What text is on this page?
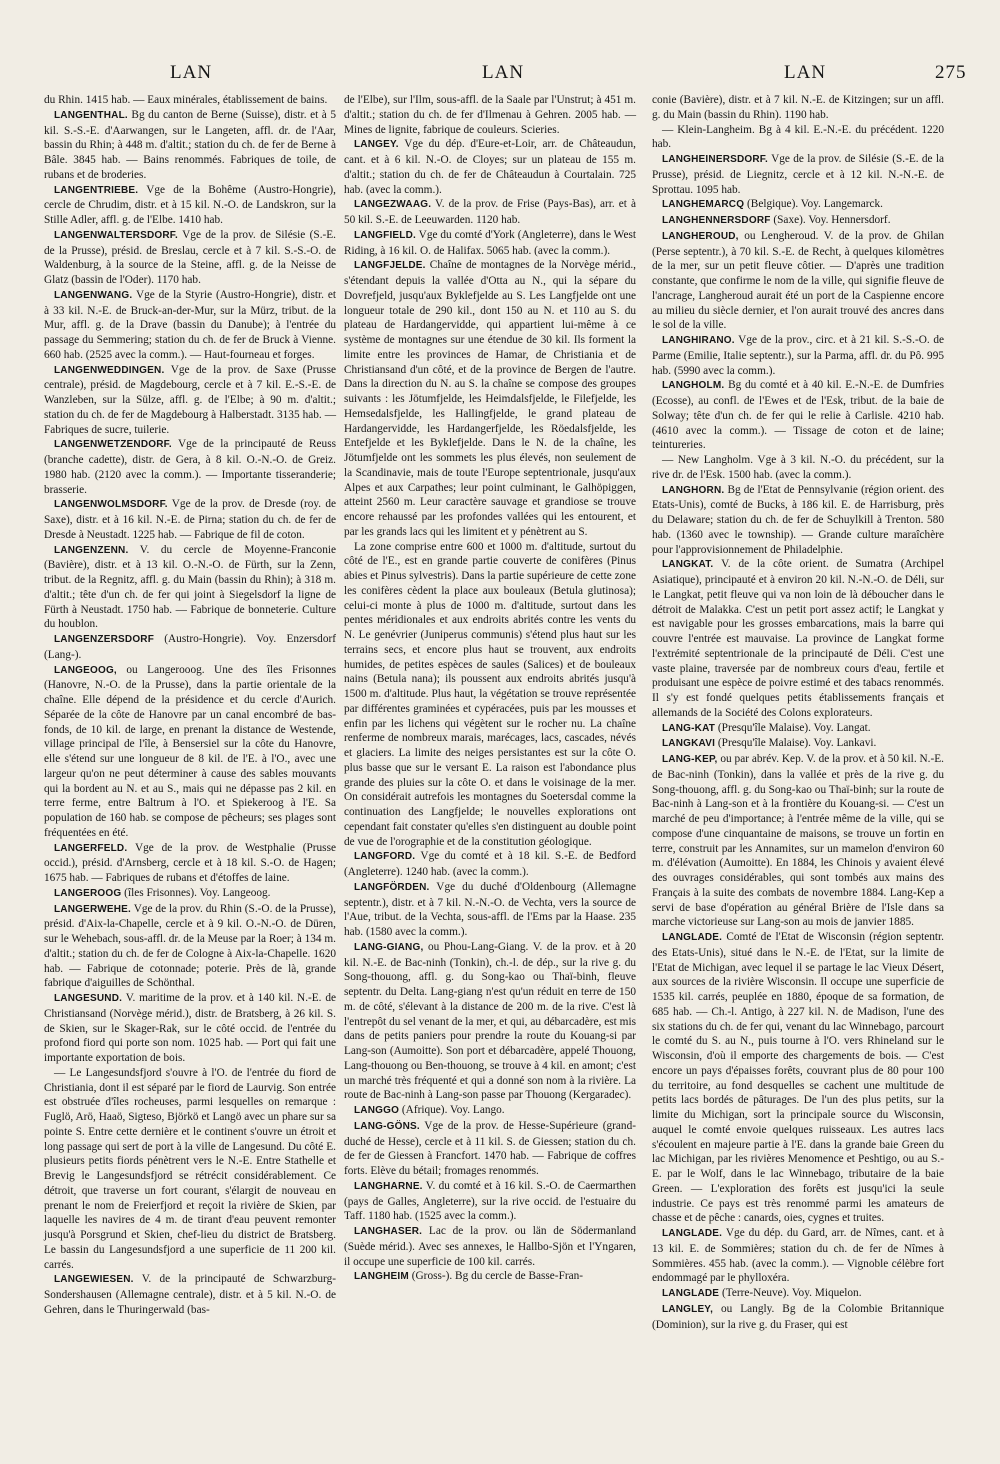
LAN	LAN	LAN	275

du Rhin. 1415 hab. — Eaux minérales, établissement de bains.

LANGENTHAL. Bg du canton de Berne (Suisse), distr. et à 5 kil. S.-S.-E. d'Aarwangen, sur le Langeten, affl. dr. de l'Aar, bassin du Rhin; à 448 m. d'altit.; station du ch. de fer de Berne à Bâle. 3845 hab. — Bains renommés. Fabriques de toile, de rubans et de broderies.

LANGENTRIEBE. Vge de la Bohême (Austro-Hongrie), cercle de Chrudim, distr. et à 15 kil. N.-O. de Landskron, sur la Stille Adler, affl. g. de l'Elbe. 1410 hab.

LANGENWALTERSDORF. Vge de la prov. de Silésie (S.-E. de la Prusse), présid. de Breslau, cercle et à 7 kil. S.-S.-O. de Waldenburg, à la source de la Steine, affl. g. de la Neisse de Glatz (bassin de l'Oder). 1170 hab.

LANGENWANG. Vge de la Styrie (Austro-Hongrie), distr. et à 33 kil. N.-E. de Bruck-an-der-Mur, sur la Mürz, tribut. de la Mur, affl. g. de la Drave (bassin du Danube); à l'entrée du passage du Semmering; station du ch. de fer de Bruck à Vienne. 660 hab. (2525 avec la comm.). — Haut-fourneau et forges.

LANGENWEDDINGEN. Vge de la prov. de Saxe (Prusse centrale), présid. de Magdebourg, cercle et à 7 kil. E.-S.-E. de Wanzleben, sur la Sülze, affl. g. de l'Elbe; à 90 m. d'altit.; station du ch. de fer de Magdebourg à Halberstadt. 3135 hab. — Fabriques de sucre, tuilerie.

LANGENWETZENDORF. Vge de la principauté de Reuss (branche cadette), distr. de Gera, à 8 kil. O.-N.-O. de Greiz. 1980 hab. (2120 avec la comm.). — Importante tisseranderie; brasserie.

LANGENWOLMSDORF. Vge de la prov. de Dresde (roy. de Saxe), distr. et à 16 kil. N.-E. de Pirna; station du ch. de fer de Dresde à Neustadt. 1225 hab. — Fabrique de fil de coton.

LANGENZENN. V. du cercle de Moyenne-Franconie (Bavière), distr. et à 13 kil. O.-N.-O. de Fürth, sur la Zenn, tribut. de la Regnitz, affl. g. du Main (bassin du Rhin); à 318 m. d'altit.; tête d'un ch. de fer qui joint à Siegelsdorf la ligne de Fürth à Neustadt. 1750 hab. — Fabrique de bonneterie. Culture du houblon.

LANGENZERSDORF (Austro-Hongrie). Voy. Enzersdorf (Lang-).

LANGEOOG, ou Langerooog. Une des îles Frisonnes (Hanovre, N.-O. de la Prusse), dans la partie orientale de la chaîne. Elle dépend de la présidence et du cercle d'Aurich. Séparée de la côte de Hanovre par un canal encombré de bas-fonds, de 10 kil. de large, en prenant la distance de Westende, village principal de l'île, à Bensersiel sur la côte du Hanovre, elle s'étend sur une longueur de 8 kil. de l'E. à l'O., avec une largeur qu'on ne peut déterminer à cause des sables mouvants qui la bordent au N. et au S., mais qui ne dépasse pas 2 kil. en terre ferme, entre Baltrum à l'O. et Spiekeroog à l'E. Sa population de 160 hab. se compose de pêcheurs; ses plages sont fréquentées en été.

LANGERFELD. Vge de la prov. de Westphalie (Prusse occid.), présid. d'Arnsberg, cercle et à 18 kil. S.-O. de Hagen; 1675 hab. — Fabriques de rubans et d'étoffes de laine.

LANGEROOG (îles Frisonnes). Voy. Langeoog.

LANGERWEHE. Vge de la prov. du Rhin (S.-O. de la Prusse), présid. d'Aix-la-Chapelle, cercle et à 9 kil. O.-N.-O. de Düren, sur le Wehebach, sous-affl. dr. de la Meuse par la Roer; à 134 m. d'altit.; station du ch. de fer de Cologne à Aix-la-Chapelle. 1620 hab. — Fabrique de cotonnade; poterie. Près de là, grande fabrique d'aiguilles de Schönthal.

LANGESUND. V. maritime de la prov. et à 140 kil. N.-E. de Christiansand (Norvège mérid.), distr. de Bratsberg, à 26 kil. S. de Skien, sur le Skager-Rak, sur le côté occid. de l'entrée du profond fiord qui porte son nom. 1025 hab. — Port qui fait une importante exportation de bois.

— Le Langesundsfjord s'ouvre à l'O. de l'entrée du fiord de Christiania, dont il est séparé par le fiord de Laurvig. Son entrée est obstruée d'îles rocheuses, parmi lesquelles on remarque : Fuglö, Arö, Haaö, Sigteso, Björkö et Langö avec un phare sur sa pointe S. Entre cette dernière et le continent s'ouvre un étroit et long passage qui sert de port à la ville de Langesund. Du côté E. plusieurs petits fiords pénètrent vers le N.-E. Entre Stathelle et Brevig le Langesundsfjord se rétrécit considérablement. Ce détroit, que traverse un fort courant, s'élargit de nouveau en prenant le nom de Freierfjord et reçoit la rivière de Skien, par laquelle les navires de 4 m. de tirant d'eau peuvent remonter jusqu'à Porsgrund et Skien, chef-lieu du district de Bratsberg. Le bassin du Langesundsfjord a une superficie de 11 200 kil. carrés.

LANGEWIESEN. V. de la principauté de Schwarzburg-Sondershausen (Allemagne centrale), distr. et à 5 kil. N.-O. de Gehren, dans le Thuringerwald (bas-

de l'Elbe), sur l'Ilm, sous-affl. de la Saale par l'Unstrut; à 451 m. d'altit.; station du ch. de fer d'Ilmenau à Gehren. 2005 hab. — Mines de lignite, fabrique de couleurs. Scieries.

LANGEY. Vge du dép. d'Eure-et-Loir, arr. de Châteaudun, cant. et à 6 kil. N.-O. de Cloyes; sur un plateau de 155 m. d'altit.; station du ch. de fer de Châteaudun à Courtalain. 725 hab. (avec la comm.).

LANGEZWAAG. V. de la prov. de Frise (Pays-Bas), arr. et à 50 kil. S.-E. de Leeuwarden. 1120 hab.

LANGFIELD. Vge du comté d'York (Angleterre), dans le West Riding, à 16 kil. O. de Halifax. 5065 hab. (avec la comm.).

LANGFJELDE. Chaîne de montagnes de la Norvège mérid., s'étendant depuis la vallée d'Otta au N., qui la sépare du Dovrefjeld, jusqu'aux Byklefjelde au S. Les Langfjelde ont une longueur totale de 290 kil., dont 150 au N. et 110 au S. du plateau de Hardangervidde, qui appartient lui-même à ce système de montagnes sur une étendue de 30 kil. Ils forment la limite entre les provinces de Hamar, de Christiania et de Christiansand d'un côté, et de la province de Bergen de l'autre. Dans la direction du N. au S. la chaîne se compose des groupes suivants : les Jötumfjelde, les Heimdalsfjelde, le Filefjelde, les Hemsedalsfjelde, les Hallingfjelde, le grand plateau de Hardangervidde, les Hardangerfjelde, les Röedalsfjelde, les Entefjelde et les Byklefjelde. Dans le N. de la chaîne, les Jötumfjelde ont les sommets les plus élevés, non seulement de la Scandinavie, mais de toute l'Europe septentrionale, jusqu'aux Alpes et aux Carpathes; leur point culminant, le Galhöpiggen, atteint 2560 m. Leur caractère sauvage et grandiose se trouve encore rehaussé par les profondes vallées qui les entourent, et par les grands lacs qui les limitent et y pénètrent au S.

La zone comprise entre 600 et 1000 m. d'altitude, surtout du côté de l'E., est en grande partie couverte de conifères (Pinus abies et Pinus sylvestris). Dans la partie supérieure de cette zone les conifères cèdent la place aux bouleaux (Betula glutinosa); celui-ci monte à plus de 1000 m. d'altitude, surtout dans les pentes méridionales et aux endroits abrités contre les vents du N. Le genévrier (Juniperus communis) s'étend plus haut sur les terrains secs, et encore plus haut se trouvent, aux endroits humides, de petites espèces de saules (Salices) et de bouleaux nains (Betula nana); ils poussent aux endroits abrités jusqu'à 1500 m. d'altitude. Plus haut, la végétation se trouve représentée par différentes graminées et cypéracées, puis par les mousses et enfin par les lichens qui végètent sur le rocher nu. La chaîne renferme de nombreux marais, marécages, lacs, cascades, névés et glaciers. La limite des neiges persistantes est sur la côte O. plus basse que sur le versant E. La raison est l'abondance plus grande des pluies sur la côte O. et dans le voisinage de la mer. On considérait autrefois les montagnes du Soetersdal comme la continuation des Langfjelde; le nouvelles explorations ont cependant fait constater qu'elles s'en distinguent au double point de vue de l'orographie et de la constitution géologique.

LANGFORD. Vge du comté et à 18 kil. S.-E. de Bedford (Angleterre). 1240 hab. (avec la comm.).

LANGFÖRDEN. Vge du duché d'Oldenbourg (Allemagne septentr.), distr. et à 7 kil. N.-N.-O. de Vechta, vers la source de l'Aue, tribut. de la Vechta, sous-affl. de l'Ems par la Haase. 235 hab. (1580 avec la comm.).

LANG-GIANG, ou Phou-Lang-Giang. V. de la prov. et à 20 kil. N.-E. de Bac-ninh (Tonkin), ch.-l. de dép., sur la rive g. du Song-thouong, affl. g. du Song-kao ou Thaï-binh, fleuve septentr. du Delta. Lang-giang n'est qu'un réduit en terre de 150 m. de côté, s'élevant à la distance de 200 m. de la rive. C'est là l'entrepôt du sel venant de la mer, et qui, au débarcadère, est mis dans de petits paniers pour prendre la route du Kouang-si par Lang-son (Aumoitte). Son port et débarcadère, appelé Thouong, Lang-thouong ou Ben-thouong, se trouve à 4 kil. en amont; c'est un marché très fréquenté et qui a donné son nom à la rivière. La route de Bac-ninh à Lang-son passe par Thouong (Kergaradec).

LANGGO (Afrique). Voy. Lango.

LANG-GÖNS. Vge de la prov. de Hesse-Supérieure (grand-duché de Hesse), cercle et à 11 kil. S. de Giessen; station du ch. de fer de Giessen à Francfort. 1470 hab. — Fabrique de coffres forts. Elève du bétail; fromages renommés.

LANGHARNE. V. du comté et à 16 kil. S.-O. de Caermarthen (pays de Galles, Angleterre), sur la rive occid. de l'estuaire du Taff. 1180 hab. (1525 avec la comm.).

LANGHASER. Lac de la prov. ou län de Södermanland (Suède mérid.). Avec ses annexes, le Hallbo-Sjön et l'Yngaren, il occupe une superficie de 100 kil. carrés.

LANGHEIM (Gross-). Bg du cercle de Basse-Fran-

conie (Bavière), distr. et à 7 kil. N.-E. de Kitzingen; sur un affl. g. du Main (bassin du Rhin). 1190 hab.

— Klein-Langheim. Bg à 4 kil. E.-N.-E. du précédent. 1220 hab.

LANGHEINERSDORF. Vge de la prov. de Silésie (S.-E. de la Prusse), présid. de Liegnitz, cercle et à 12 kil. N.-N.-E. de Sprottau. 1095 hab.

LANGHEMARCQ (Belgique). Voy. Langemarck.

LANGHENNERSDORF (Saxe). Voy. Hennersdorf.

LANGHEROUD, ou Lengheroud. V. de la prov. de Ghilan (Perse septentr.), à 70 kil. S.-E. de Recht, à quelques kilomètres de la mer, sur un petit fleuve côtier. — D'après une tradition constante, que confirme le nom de la ville, qui signifie fleuve de l'ancrage, Langheroud aurait été un port de la Caspienne encore au milieu du siècle dernier, et l'on aurait trouvé des ancres dans le sol de la ville.

LANGHIRANO. Vge de la prov., circ. et à 21 kil. S.-S.-O. de Parme (Emilie, Italie septentr.), sur la Parma, affl. dr. du Pô. 995 hab. (5990 avec la comm.).

LANGHOLM. Bg du comté et à 40 kil. E.-N.-E. de Dumfries (Ecosse), au confl. de l'Ewes et de l'Esk, tribut. de la baie de Solway; tête d'un ch. de fer qui le relie à Carlisle. 4210 hab. (4610 avec la comm.). — Tissage de coton et de laine; teintureries.

— New Langholm. Vge à 3 kil. N.-O. du précédent, sur la rive dr. de l'Esk. 1500 hab. (avec la comm.).

LANGHORN. Bg de l'Etat de Pennsylvanie (région orient. des Etats-Unis), comté de Bucks, à 186 kil. E. de Harrisburg, près du Delaware; station du ch. de fer de Schuylkill à Trenton. 580 hab. (1360 avec le township). — Grande culture maraîchère pour l'approvisionnement de Philadelphie.

LANGKAT. V. de la côte orient. de Sumatra (Archipel Asiatique), principauté et à environ 20 kil. N.-N.-O. de Déli, sur le Langkat, petit fleuve qui va non loin de là déboucher dans le détroit de Malakka. C'est un petit port assez actif; le Langkat y est navigable pour les grosses embarcations, mais la barre qui couvre l'entrée est mauvaise. La province de Langkat forme l'extrémité septentrionale de la principauté de Déli. C'est une vaste plaine, traversée par de nombreux cours d'eau, fertile et produisant une espèce de poivre estimé et des tabacs renommés. Il s'y est fondé quelques petits établissements français et allemands de la Société des Colons explorateurs.

LANG-KAT (Presqu'île Malaise). Voy. Langat.

LANGKAVI (Presqu'île Malaise). Voy. Lankavi.

LANG-KEP, ou par abrév. Kep. V. de la prov. et à 50 kil. N.-E. de Bac-ninh (Tonkin), dans la vallée et près de la rive g. du Song-thouong, affl. g. du Song-kao ou Thaï-binh; sur la route de Bac-ninh à Lang-son et à la frontière du Kouang-si. — C'est un marché de peu d'importance; à l'entrée même de la ville, qui se compose d'une cinquantaine de maisons, se trouve un fortin en terre, construit par les Annamites, sur un mamelon d'environ 60 m. d'élévation (Aumoitte). En 1884, les Chinois y avaient élevé des ouvrages considérables, qui sont tombés aux mains des Français à la suite des combats de novembre 1884. Lang-Kep a servi de base d'opération au général Brière de l'Isle dans sa marche victorieuse sur Lang-son au mois de janvier 1885.

LANGLADE. Comté de l'Etat de Wisconsin (région septentr. des Etats-Unis), situé dans le N.-E. de l'Etat, sur la limite de l'Etat de Michigan, avec lequel il se partage le lac Vieux Désert, aux sources de la rivière Wisconsin. Il occupe une superficie de 1535 kil. carrés, peuplée en 1880, époque de sa formation, de 685 hab. — Ch.-l. Antigo, à 227 kil. N. de Madison, l'une des six stations du ch. de fer qui, venant du lac Winnebago, parcourt le comté du S. au N., puis tourne à l'O. vers Rhineland sur le Wisconsin, d'où il emporte des chargements de bois. — C'est encore un pays d'épaisses forêts, couvrant plus de 80 pour 100 du territoire, au fond desquelles se cachent une multitude de petits lacs bordés de pâturages. De l'un des plus petits, sur la limite du Michigan, sort la principale source du Wisconsin, auquel le comté envoie quelques ruisseaux. Les autres lacs s'écoulent en majeure partie à l'E. dans la grande baie Green du lac Michigan, par les rivières Menomence et Peshtigo, ou au S.-E. par le Wolf, dans le lac Winnebago, tributaire de la baie Green. — L'exploration des forêts est jusqu'ici la seule industrie. Ce pays est très renommé parmi les amateurs de chasse et de pêche : canards, oies, cygnes et truites.

LANGLADE. Vge du dép. du Gard, arr. de Nîmes, cant. et à 13 kil. E. de Sommières; station du ch. de fer de Nîmes à Sommières. 455 hab. (avec la comm.). — Vignoble célèbre fort endommagé par le phylloxéra.

LANGLADE (Terre-Neuve). Voy. Miquelon.

LANGLEY, ou Langly. Bg de la Colombie Britannique (Dominion), sur la rive g. du Fraser, qui est
